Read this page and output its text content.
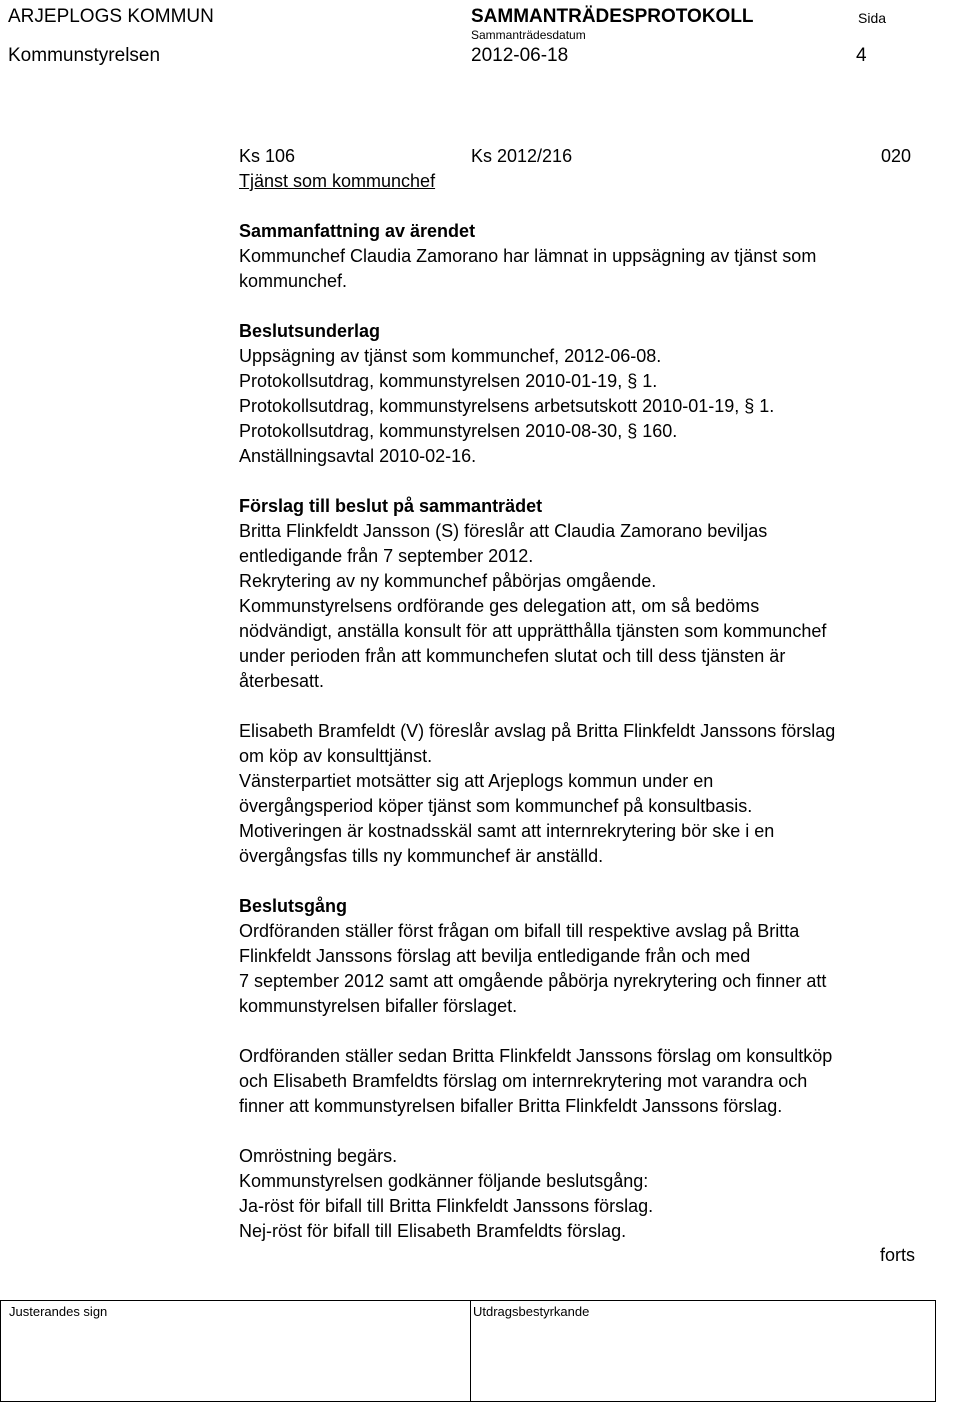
ARJEPLOGS KOMMUN	SAMMANTRÄDESPROTOKOLL	Sida
Sammanträdesdatum
Kommunstyrelsen	2012-06-18	4
Ks 106	Ks 2012/216	020
Tjänst som kommunchef
Sammanfattning av ärendet
Kommunchef Claudia Zamorano har lämnat in uppsägning av tjänst som
kommunchef.
Beslutsunderlag
Uppsägning av tjänst som kommunchef, 2012-06-08.
Protokollsutdrag, kommunstyrelsen 2010-01-19, § 1.
Protokollsutdrag, kommunstyrelsens arbetsutskott 2010-01-19, § 1.
Protokollsutdrag, kommunstyrelsen 2010-08-30, § 160.
Anställningsavtal 2010-02-16.
Förslag till beslut på sammanträdet
Britta Flinkfeldt Jansson (S) föreslår att Claudia Zamorano beviljas
entledigande från 7 september 2012.
Rekrytering av ny kommunchef påbörjas omgående.
Kommunstyrelsens ordförande ges delegation att, om så bedöms
nödvändigt, anställa konsult för att upprätthålla tjänsten som kommunchef
under perioden från att kommunchefen slutat och till dess tjänsten är
återbesatt.
Elisabeth Bramfeldt (V) föreslår avslag på Britta Flinkfeldt Janssons förslag
om köp av konsulttjänst.
Vänsterpartiet motsätter sig att Arjeplogs kommun under en
övergångsperiod köper tjänst som kommunchef på konsultbasis.
Motiveringen är kostnadsskäl samt att internrekrytering bör ske i en
övergångsfas tills ny kommunchef är anställd.
Beslutsgång
Ordföranden ställer först frågan om bifall till respektive avslag på Britta
Flinkfeldt Janssons förslag att bevilja entledigande från och med
7 september 2012 samt att omgående påbörja nyrekrytering och finner att
kommunstyrelsen bifaller förslaget.
Ordföranden ställer sedan Britta Flinkfeldt Janssons förslag om konsultköp
och Elisabeth Bramfeldts förslag om internrekrytering mot varandra och
finner att kommunstyrelsen bifaller Britta Flinkfeldt Janssons förslag.
Omröstning begärs.
Kommunstyrelsen godkänner följande beslutsgång:
Ja-röst för bifall till Britta Flinkfeldt Janssons förslag.
Nej-röst för bifall till Elisabeth Bramfeldts förslag.
forts
Justerandes sign	Utdragsbestyrkande
